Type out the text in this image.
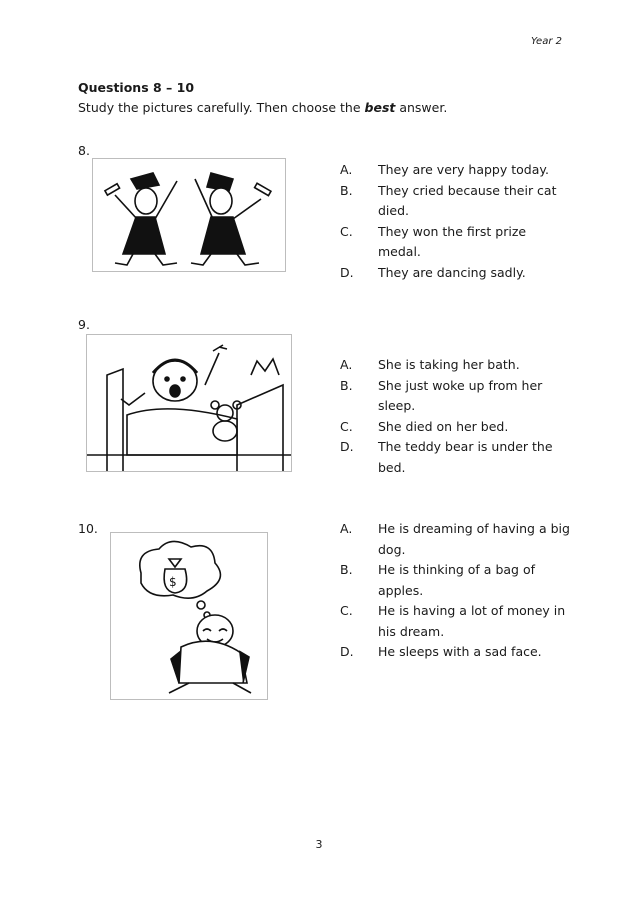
Year 2
Questions 8 – 10
Study the pictures carefully. Then choose the best answer.
8.
A.	They are very happy today.
B.	They cried because their cat died.
C.	They won the first prize medal.
D.	They are dancing sadly.
9.
A.	She is taking her bath.
B.	She just woke up from her sleep.
C.	She died on her bed.
D.	The teddy bear is under the bed.
10.
$
A.	He is dreaming of having a big dog.
B.	He is thinking of a bag of apples.
C.	He is having a lot of money in his dream.
D.	He sleeps with a sad face.
3
